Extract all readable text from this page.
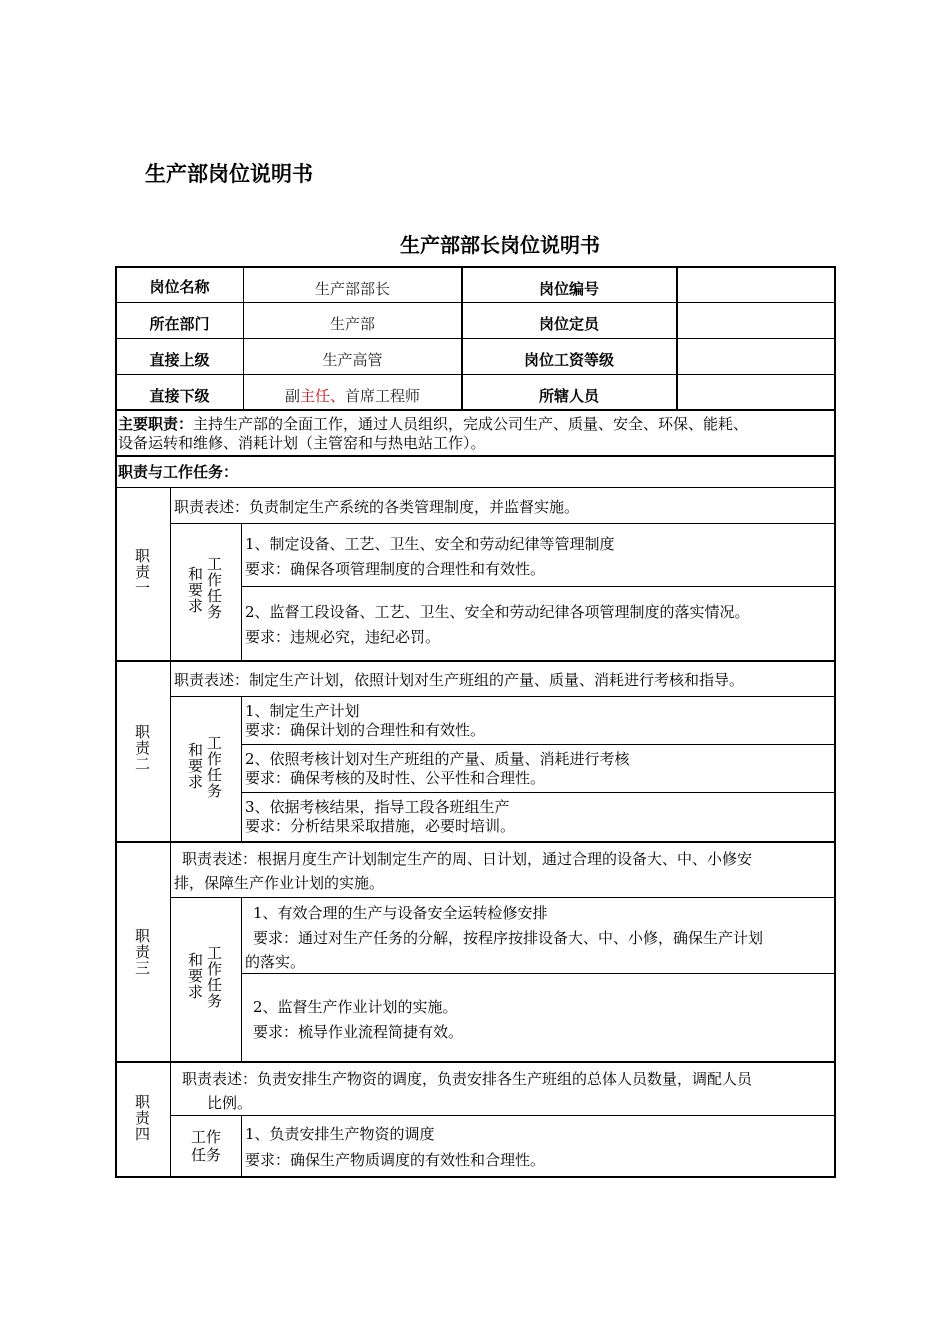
生产部岗位说明书
生产部部长岗位说明书
岗位名称	生产部部长	岗位编号
所在部门	生产部	岗位定员
直接上级	生产高管	岗位工资等级
直接下级	副主任、首席工程师	所辖人员
主要职责：主持生产部的全面工作，通过人员组织，完成公司生产、质量、安全、环保、能耗、
设备运转和维修、消耗计划（主管窑和与热电站工作）。
职责与工作任务：
职责表述：负责制定生产系统的各类管理制度，并监督实施。
职责一	工作任务
和要求
1、制定设备、工艺、卫生、安全和劳动纪律等管理制度
要求：确保各项管理制度的合理性和有效性。
2、监督工段设备、工艺、卫生、安全和劳动纪律各项管理制度的落实情况。
要求：违规必究，违纪必罚。
职责表述：制定生产计划，依照计划对生产班组的产量、质量、消耗进行考核和指导。
职责二	工作任务
和要求
1、制定生产计划
要求：确保计划的合理性和有效性。
2、依照考核计划对生产班组的产量、质量、消耗进行考核
要求：确保考核的及时性、公平性和合理性。
3、依据考核结果，指导工段各班组生产
要求：分析结果采取措施，必要时培训。
职责表述：根据月度生产计划制定生产的周、日计划，通过合理的设备大、中、小修安
排，保障生产作业计划的实施。
职责三	工作任务
和要求
1、有效合理的生产与设备安全运转检修安排
要求：通过对生产任务的分解，按程序按排设备大、中、小修，确保生产计划
的落实。
2、监督生产作业计划的实施。
要求：梳导作业流程简捷有效。
职责表述：负责安排生产物资的调度，负责安排各生产班组的总体人员数量，调配人员
比例。
职责四	工作任务
1、负责安排生产物资的调度
要求：确保生产物质调度的有效性和合理性。
